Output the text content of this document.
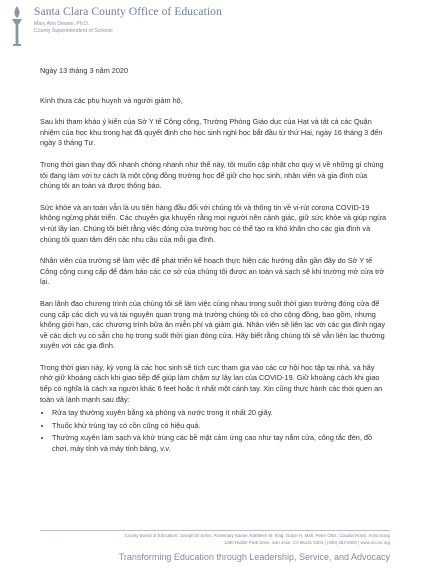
Santa Clara County Office of Education
Mary Ann Dewan, Ph.D.
County Superintendent of Schools
Ngày 13 tháng 3 năm 2020

Kính thưa các phụ huynh và người giám hộ,

Sau khi tham khảo ý kiến của Sở Y tế Công cộng, Trường Phòng Giáo dục của Hạt và tất cả các Quận nhiệm của học khu trong hạt đã quyết định cho học sinh nghỉ học bắt đầu từ thứ Hai, ngày 16 tháng 3 đến ngày 3 tháng Tư.

Trong thời gian thay đổi nhanh chóng nhanh như thế này, tôi muốn cập nhật cho quý vị về những gì chúng tôi đang làm với tư cách là một cộng đồng trường học để giữ cho học sinh, nhân viên và gia đình của chúng tôi an toàn và được thông báo.

Sức khỏe và an toàn vẫn là ưu tiên hàng đầu đối với chúng tôi và thông tin về vi-rút corona COVID-19 không ngừng phát triển. Các chuyên gia khuyến rằng mọi người nên cảnh giác, giữ sức khỏe và giúp ngừa vi-rút lây lan. Chúng tôi biết rằng việc đóng cửa trường học có thể tạo ra khó khăn cho các gia đình và chúng tôi quan tâm đến các nhu cầu của mỗi gia đình.

Nhân viên của trường sẽ làm việc để phát triển kế hoạch thực hiện các hướng dẫn gần đây do Sở Y tế Công cộng cung cấp để đảm bảo các cơ sở của chúng tôi được an toàn và sạch sẽ khi trường mở cửa trở lại.

Ban lãnh đạo chương trình của chúng tôi sẽ làm việc cùng nhau trong suốt thời gian trường đóng cửa để cung cấp các dịch vụ và tài nguyên quan trọng mà trường chúng tôi có cho cộng đồng, bao gồm, nhưng không giới hạn, các chương trình bữa ăn miễn phí và giảm giá. Nhân viên sẽ liên lạc với các gia đình ngay về các dịch vụ có sẵn cho họ trong suốt thời gian đóng cửa. Hãy biết rằng chúng tôi sẽ vẫn liên lạc thường xuyên với các gia đình.

Trong thời gian này, kỳ vọng là các học sinh sẽ tích cực tham gia vào các cơ hội học tập tại nhà, và hãy nhớ giữ khoảng cách khi giao tiếp để giúp làm chậm sự lây lan của COVID-19. Giữ khoảng cách khi giao tiếp có nghĩa là cách xa người khác 6 feet hoặc ít nhất một cánh tay. Xin cũng thực hành các thói quen an toàn và lành mạnh sau đây:

• Rửa tay thường xuyên bằng xà phòng và nước trong ít nhất 20 giây.
• Thuốc khử trùng tay có cồn cũng có hiệu quả.
• Thường xuyên làm sạch và khử trùng các bề mặt cảm ứng cao như tay nắm cửa, công tắc đèn, đồ chơi, máy tính và máy tính bảng, v.v.
County Board of Education: Joseph Di Salvo, Rosemary Kamei, Kathleen M. King, Grace H. Mah, Peter Ortiz, Claudia Rossi, Anna Song
1290 Ridder Park Drive, San Jose, CA 95131-2304 | (408) 453-6500 | www.sccoe.org
Transforming Education through Leadership, Service, and Advocacy
